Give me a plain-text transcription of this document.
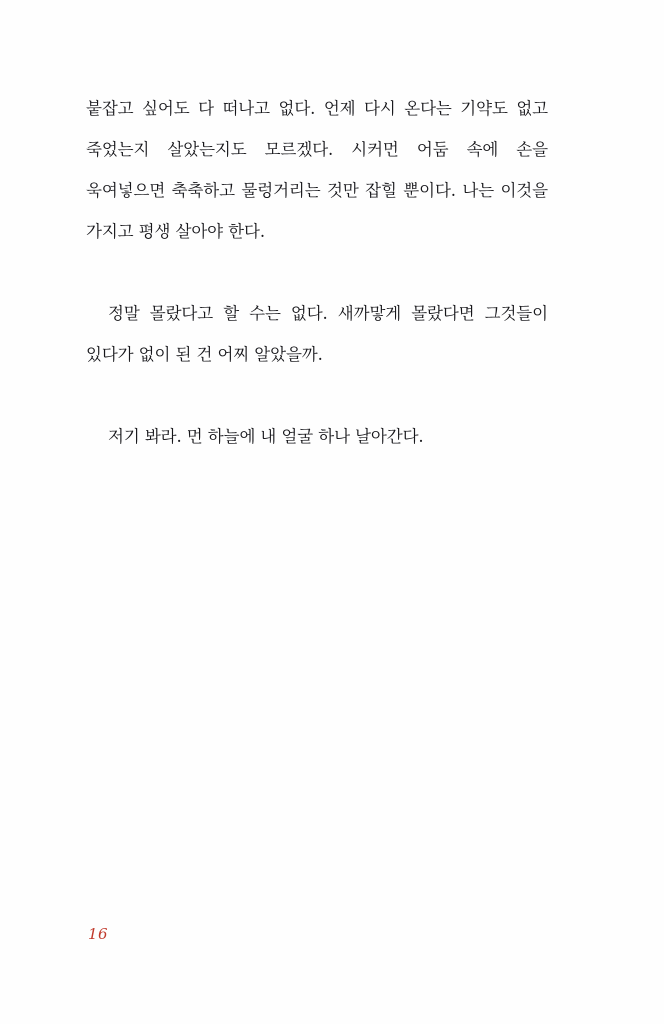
붙잡고 싶어도 다 떠나고 없다. 언제 다시 온다는 기약도 없고 죽었는지 살았는지도 모르겠다. 시커먼 어둠 속에 손을 욱여넣으면 축축하고 물렁거리는 것만 잡힐 뿐이다. 나는 이것을 가지고 평생 살아야 한다.

정말 몰랐다고 할 수는 없다. 새까맣게 몰랐다면 그것들이 있다가 없이 된 건 어찌 알았을까.

저기 봐라. 먼 하늘에 내 얼굴 하나 날아간다.

16
